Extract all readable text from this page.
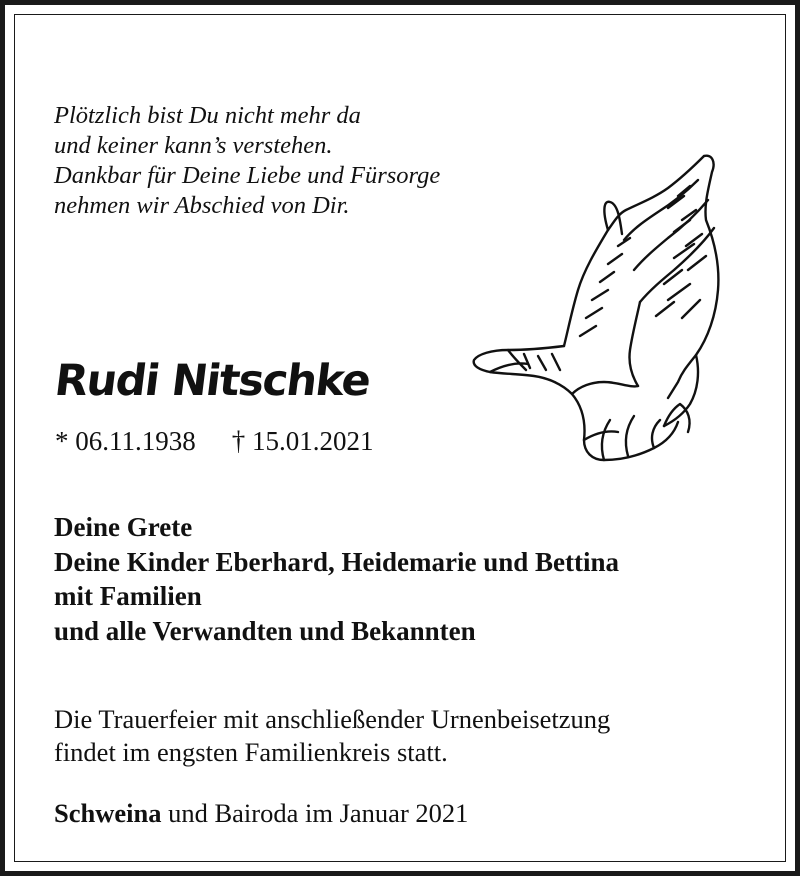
Plötzlich bist Du nicht mehr da
und keiner kann’s verstehen.
Dankbar für Deine Liebe und Fürsorge
nehmen wir Abschied von Dir.
Rudi Nitschke
* 06.11.1938 † 15.01.2021
Deine Grete
Deine Kinder Eberhard, Heidemarie und Bettina
mit Familien
und alle Verwandten und Bekannten
Die Trauerfeier mit anschließender Urnenbeisetzung
findet im engsten Familienkreis statt.
Schweina und Bairoda im Januar 2021
